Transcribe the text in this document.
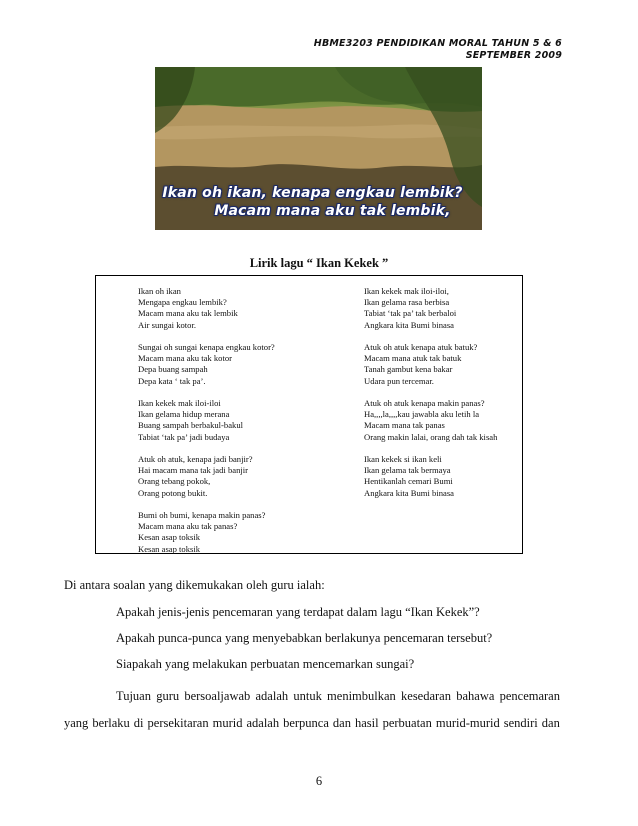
HBME3203 PENDIDIKAN MORAL TAHUN 5 & 6
SEPTEMBER 2009
Ikan oh ikan, kenapa engkau lembik?
Macam mana aku tak lembik,
Lirik lagu “ Ikan Kekek ”
Ikan oh ikan
Mengapa engkau lembik?
Macam mana aku tak lembik
Air sungai kotor.
Sungai oh sungai kenapa engkau kotor?
Macam mana aku tak kotor
Depa buang sampah
Depa kata ‘ tak pa’.
Ikan kekek mak iloi-iloi
Ikan gelama hidup merana
Buang sampah berbakul-bakul
Tabiat ‘tak pa’ jadi budaya
Atuk oh atuk, kenapa jadi banjir?
Hai macam mana tak jadi banjir
Orang tebang pokok,
Orang potong bukit.
Bumi oh bumi, kenapa makin panas?
Macam mana aku tak panas?
Kesan asap toksik
Kesan asap toksik
Ikan kekek mak iloi-iloi,
Ikan gelama rasa berbisa
Tabiat ‘tak pa’ tak berbaloi
Angkara kita Bumi binasa
Atuk oh atuk kenapa atuk batuk?
Macam mana atuk tak batuk
Tanah gambut kena bakar
Udara pun tercemar.
Atuk oh atuk kenapa makin panas?
Ha,,,,la,,,,kau jawabla aku letih la
Macam mana tak panas
Orang makin lalai, orang dah tak kisah
Ikan kekek si ikan keli
Ikan gelama tak bermaya
Hentikanlah cemari Bumi
Angkara kita Bumi binasa
Di antara soalan yang dikemukakan oleh guru ialah:
Apakah jenis-jenis pencemaran yang terdapat dalam lagu “Ikan Kekek”?
Apakah punca-punca yang menyebabkan berlakunya pencemaran tersebut?
Siapakah yang melakukan perbuatan mencemarkan sungai?
Tujuan guru bersoaljawab adalah untuk menimbulkan kesedaran bahawa pencemaran
yang berlaku di persekitaran murid adalah berpunca dan hasil perbuatan murid-murid sendiri dan
6
